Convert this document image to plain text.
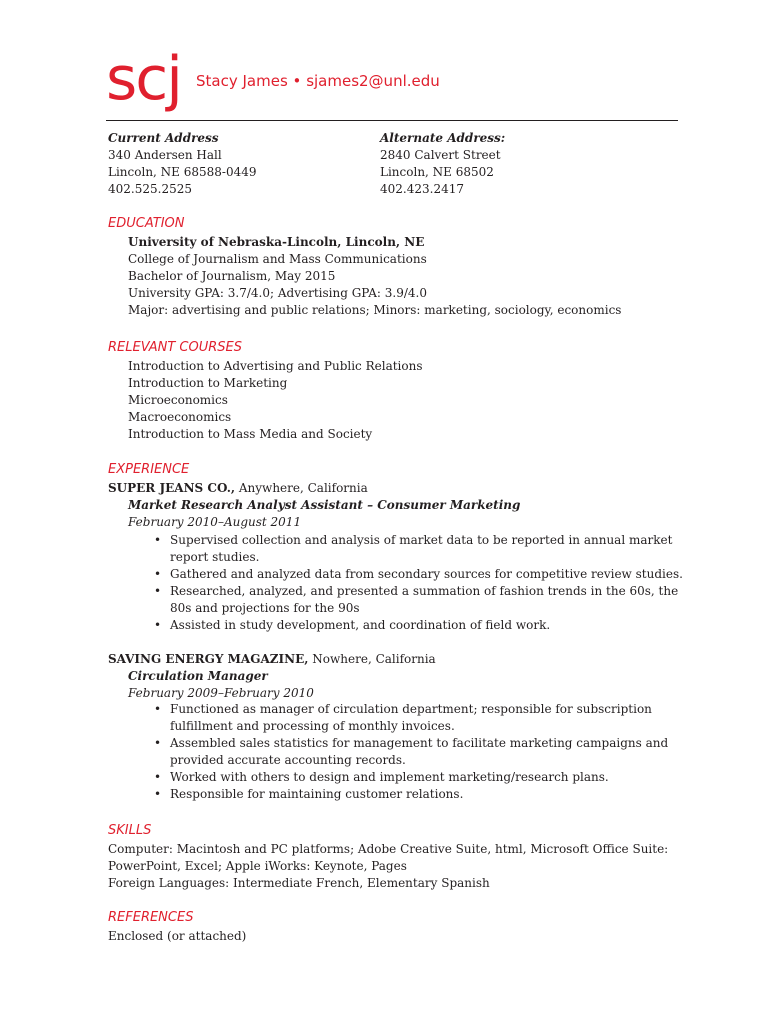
scj Stacy James • sjames2@unl.edu
Current Address
340 Andersen Hall
Lincoln, NE 68588-0449
402.525.2525
Alternate Address:
2840 Calvert Street
Lincoln, NE 68502
402.423.2417
EDUCATION
University of Nebraska-Lincoln, Lincoln, NE
College of Journalism and Mass Communications
Bachelor of Journalism, May 2015
University GPA: 3.7/4.0; Advertising GPA: 3.9/4.0
Major: advertising and public relations; Minors: marketing, sociology, economics
RELEVANT COURSES
Introduction to Advertising and Public Relations
Introduction to Marketing
Microeconomics
Macroeconomics
Introduction to Mass Media and Society
EXPERIENCE
SUPER JEANS CO., Anywhere, California
Market Research Analyst Assistant – Consumer Marketing
February 2010–August 2011
• Supervised collection and analysis of market data to be reported in annual market report studies.
• Gathered and analyzed data from secondary sources for competitive review studies.
• Researched, analyzed, and presented a summation of fashion trends in the 60s, the 80s and projections for the 90s
• Assisted in study development, and coordination of field work.
SAVING ENERGY MAGAZINE, Nowhere, California
Circulation Manager
February 2009–February 2010
• Functioned as manager of circulation department; responsible for subscription fulfillment and processing of monthly invoices.
• Assembled sales statistics for management to facilitate marketing campaigns and provided accurate accounting records.
• Worked with others to design and implement marketing/research plans.
• Responsible for maintaining customer relations.
SKILLS
Computer: Macintosh and PC platforms; Adobe Creative Suite, html, Microsoft Office Suite:
PowerPoint, Excel; Apple iWorks: Keynote, Pages
Foreign Languages: Intermediate French, Elementary Spanish
REFERENCES
Enclosed (or attached)
